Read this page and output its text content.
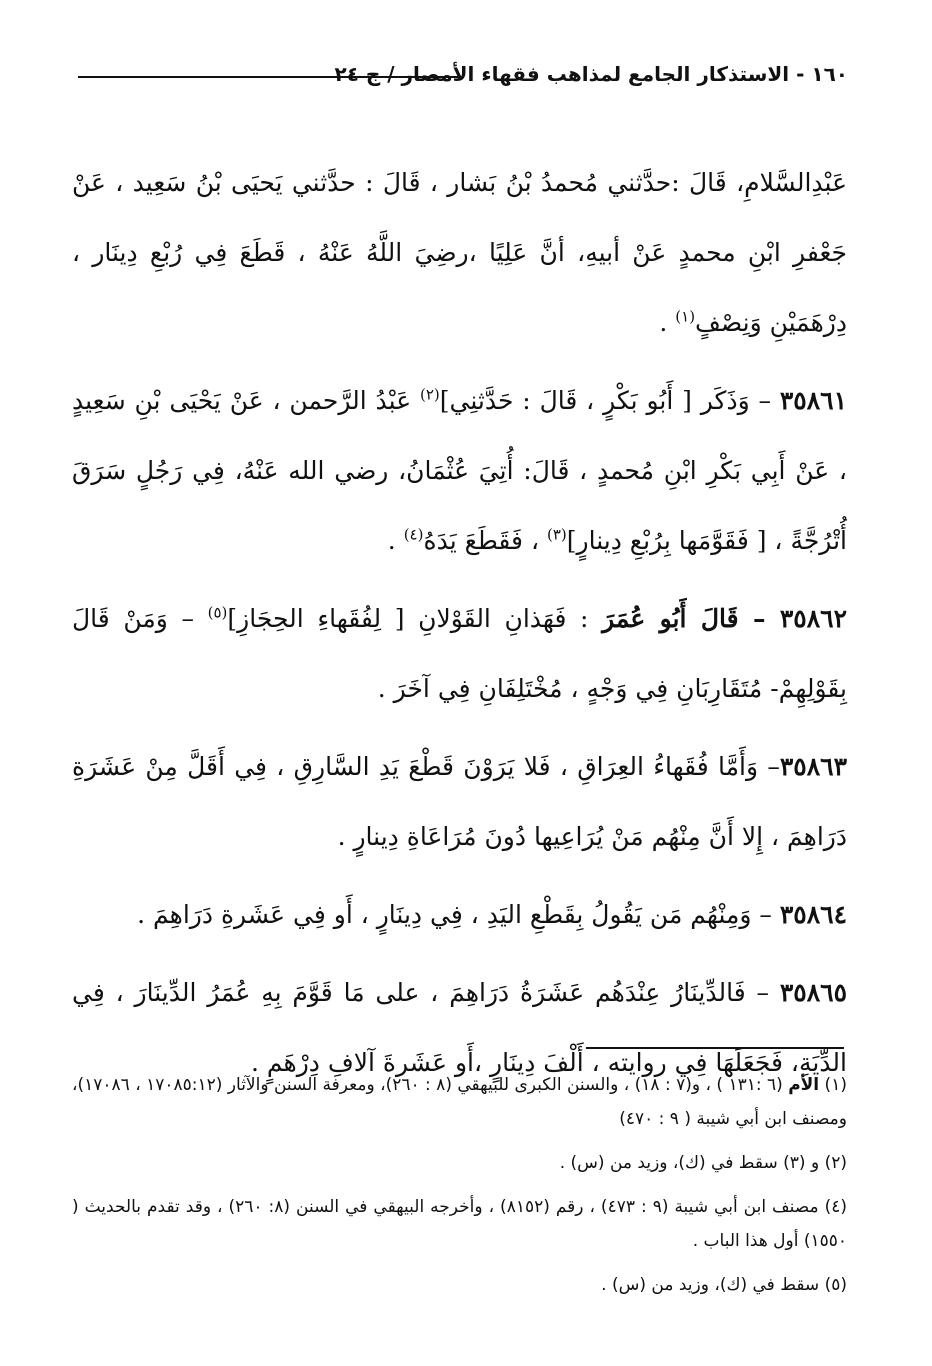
١٦٠ - الاستذكار الجامع لمذاهب فقهاء الأمصار / ج ٢٤

عَبْدِالسَّلامِ، قَالَ :حدَّثني مُحمدُ بْنُ بَشار ، قَالَ : حدَّثني يَحيَى بْنُ سَعِيد ، عَنْ جَعْفرِ ابْنِ محمدٍ عَنْ أبيهِ، أنَّ عَلِيًا ،رضِيَ اللَّهُ عَنْهُ ، قَطَعَ فِي رُبْعِ دِينَار ، دِرْهَمَيْنِ وَنِصْفٍ$^{(١)}$ .

٣٥٨٦١ – وَذَكَر [ أَبُو بَكْرٍ ، قَالَ : حَدَّثنِي]$^{(٢)}$ عَبْدُ الرَّحمن ، عَنْ يَحْيَى بْنِ سَعِيدٍ ، عَنْ أَبِي بَكْرِ ابْنِ مُحمدٍ ، قَالَ: أُتِيَ عُثْمَانُ، رضي الله عَنْهُ، فِي رَجُلٍ سَرَقَ أُتْرُجَّةً ، [ فَقَوَّمَها بِرُبْعِ دِينارٍ]$^{(٣)}$ ، فَقَطَعَ يَدَهُ$^{(٤)}$ .

٣٥٨٦٢ – قَالَ أَبُو عُمَرَ : فَهَذانِ القَوْلانِ [ لِفُقَهاءِ الحِجَازِ]$^{(٥)}$ – وَمَنْ قَالَ بِقَوْلِهِمْ- مُتَقَارِبَانِ فِي وَجْهٍ ، مُخْتَلِفَانِ فِي آخَرَ .

٣٥٨٦٣– وَأَمَّا فُقَهاءُ العِرَاقِ ، فَلا يَرَوْنَ قَطْعَ يَدِ السَّارِقِ ، فِي أَقَلَّ مِنْ عَشَرَةِ دَرَاهِمَ ، إِلا أَنَّ مِنْهُم مَنْ يُرَاعِيها دُونَ مُرَاعَاةِ دِينارٍ .

٣٥٨٦٤ – وَمِنْهُم مَن يَقُولُ بِقَطْعِ اليَدِ ، فِي دِينَارٍ ، أَو فِي عَشَرةِ دَرَاهِمَ .

٣٥٨٦٥ – فَالدِّينَارُ عِنْدَهُم عَشَرَةُ دَرَاهِمَ ، على مَا قَوَّمَ بِهِ عُمَرُ الدِّينَارَ ، فِي الدِّيَةِ، فَجَعَلَهَا فِي روايته ، أَلْفَ دِينَارٍ ،أَو عَشَرةَ آلافِ دِرْهَمٍ .

(١) الأم (٦ :١٣١ ) ، و(٧ : ١٨) ، والسنن الكبرى للبيهقي (٨ : ٢٦٠)، ومعرفة السنن والآثار (١٧٠٨٥:١٢ ، ١٧٠٨٦)، ومصنف ابن أبي شيبة ( ٩ : ٤٧٠)

(٢) و (٣) سقط في (ك)، وزيد من (س) .

(٤) مصنف ابن أبي شيبة (٩ : ٤٧٣) ، رقم (٨١٥٢) ، وأخرجه البيهقي في السنن (٨: ٢٦٠) ، وقد تقدم بالحديث ( ١٥٥٠) أول هذا الباب .

(٥) سقط في (ك)، وزيد من (س) .
